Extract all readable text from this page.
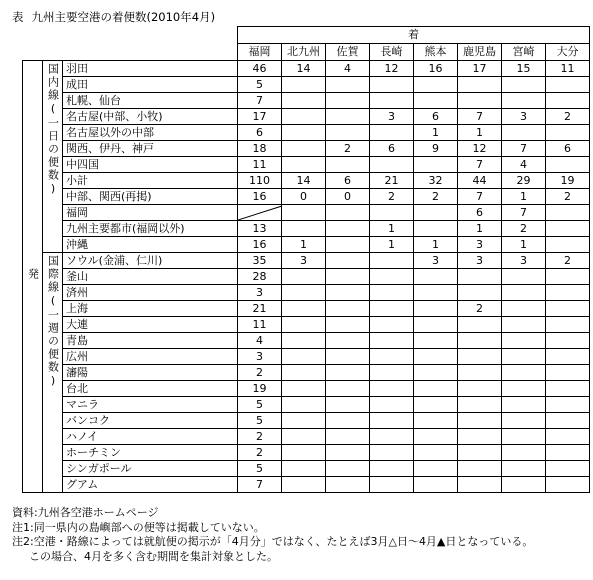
表 九州主要空港の着便数(2010年4月)
			着							
			福岡	北九州	佐賀	長崎	熊本	鹿児島	宮崎	大分
発	国内線(一日の便数)	羽田	46	14	4	12	16	17	15	11
		成田	5							
		札幌、仙台	7							
		名古屋(中部、小牧)	17			3	6	7	3	2
		名古屋以外の中部	6				1	1		
		関西、伊丹、神戸	18		2	6	9	12	7	6
		中四国	11					7	4	
		小計	110	14	6	21	32	44	29	19
		中部、関西(再掲)	16	0	0	2	2	7	1	2
		福岡						6	7	
		九州主要都市(福岡以外)	13			1		1	2	
		沖縄	16	1		1	1	3	1	
	国際線(一週の便数)	ソウル(金浦、仁川)	35	3			3	3	3	2
		釜山	28							
		済州	3							
		上海	21					2		
		大連	11							
		青島	4							
		広州	3							
		瀋陽	2							
		台北	19							
		マニラ	5							
		バンコク	5							
		ハノイ	2							
		ホーチミン	2							
		シンガポール	5							
		グアム	7							
資料:九州各空港ホームページ
注1:同一県内の島嶼部への便等は掲載していない。
注2:空港・路線によっては就航便の掲示が「4月分」ではなく、たとえば3月△日～4月▲日となっている。
この場合、4月を多く含む期間を集計対象とした。
